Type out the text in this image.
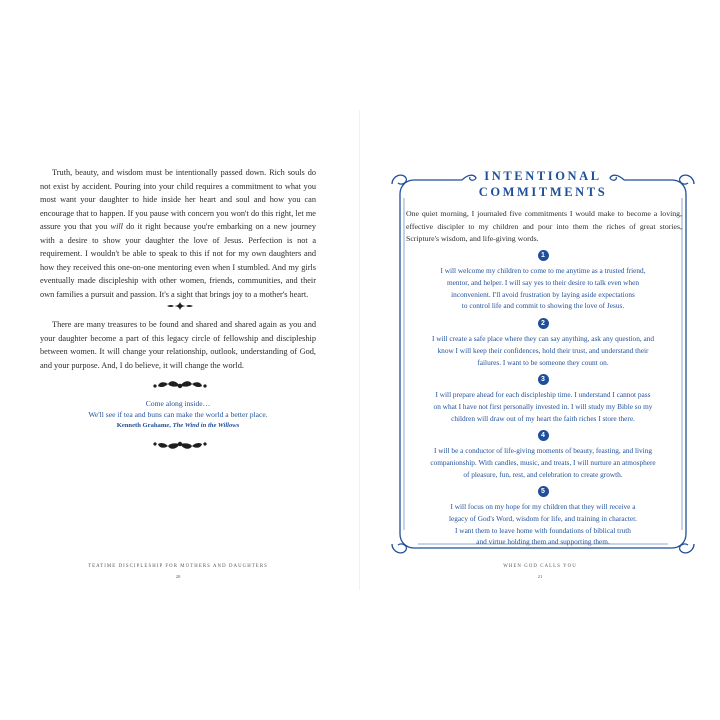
Truth, beauty, and wisdom must be intentionally passed down. Rich souls do not exist by accident. Pouring into your child requires a commitment to what you most want your daughter to hide inside her heart and soul and how you can encourage that to happen. If you pause with concern you won't do this right, let me assure you that you will do it right because you're embarking on a new journey with a desire to show your daughter the love of Jesus. Perfection is not a requirement. I wouldn't be able to speak to this if not for my own daughters and how they received this one-on-one mentoring even when I stumbled. And my girls eventually made discipleship with other women, friends, communities, and their own families a pursuit and passion. It's a sight that brings joy to a mother's heart.

There are many treasures to be found and shared and shared again as you and your daughter become a part of this legacy circle of fellowship and discipleship between women. It will change your relationship, outlook, understanding of God, and your purpose. And, I do believe, it will change the world.

Come along inside…
We'll see if tea and buns can make the world a better place.
Kenneth Grahame, The Wind in the Willows
TEATIME DISCIPLESHIP FOR MOTHERS AND DAUGHTERS
20
INTENTIONAL
COMMITMENTS
One quiet morning, I journaled five commitments I would make to become a loving, effective discipler to my children and pour into them the riches of great stories, Scripture's wisdom, and life-giving words.
1
I will welcome my children to come to me anytime as a trusted friend,
mentor, and helper. I will say yes to their desire to talk even when
inconvenient. I'll avoid frustration by laying aside expectations
to control life and commit to showing the love of Jesus.
2
I will create a safe place where they can say anything, ask any question, and
know I will keep their confidences, hold their trust, and understand their
failures. I want to be someone they count on.
3
I will prepare ahead for each discipleship time. I understand I cannot pass
on what I have not first personally invested in. I will study my Bible so my
children will draw out of my heart the faith riches I store there.
4
I will be a conductor of life-giving moments of beauty, feasting, and living
companionship. With candles, music, and treats, I will nurture an atmosphere
of pleasure, fun, rest, and celebration to create growth.
5
I will focus on my hope for my children that they will receive a
legacy of God's Word, wisdom for life, and training in character.
I want them to leave home with foundations of biblical truth
and virtue holding them and supporting them.
WHEN GOD CALLS YOU
21
